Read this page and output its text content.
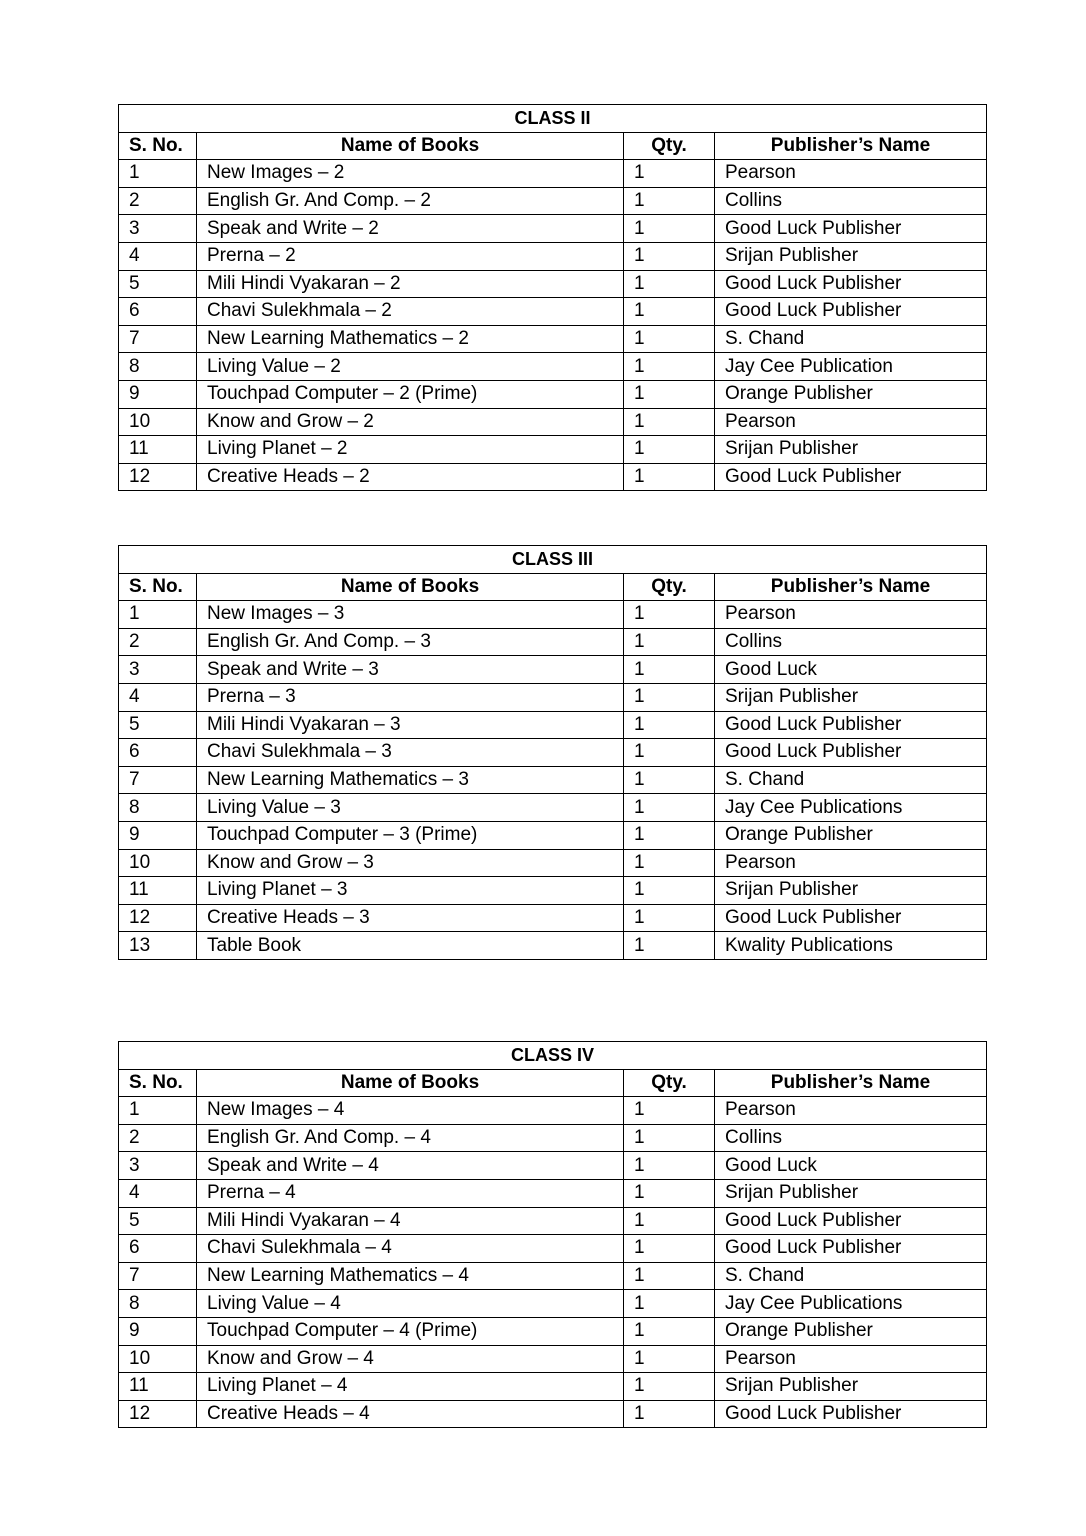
CLASS II			
S. No.	Name of Books	Qty.	Publisher’s Name
1	New Images – 2	1	Pearson
2	English Gr. And Comp. – 2	1	Collins
3	Speak and Write – 2	1	Good Luck Publisher
4	Prerna – 2	1	Srijan Publisher
5	Mili Hindi Vyakaran – 2	1	Good Luck Publisher
6	Chavi Sulekhmala – 2	1	Good Luck Publisher
7	New Learning Mathematics – 2	1	S. Chand
8	Living Value – 2	1	Jay Cee Publication
9	Touchpad Computer – 2 (Prime)	1	Orange Publisher
10	Know and Grow – 2	1	Pearson
11	Living Planet – 2	1	Srijan Publisher
12	Creative Heads – 2	1	Good Luck Publisher
CLASS III			
S. No.	Name of Books	Qty.	Publisher’s Name
1	New Images – 3	1	Pearson
2	English Gr. And Comp. – 3	1	Collins
3	Speak and Write – 3	1	Good Luck
4	Prerna – 3	1	Srijan Publisher
5	Mili Hindi Vyakaran – 3	1	Good Luck Publisher
6	Chavi Sulekhmala – 3	1	Good Luck Publisher
7	New Learning Mathematics – 3	1	S. Chand
8	Living Value – 3	1	Jay Cee Publications
9	Touchpad Computer – 3 (Prime)	1	Orange Publisher
10	Know and Grow – 3	1	Pearson
11	Living Planet – 3	1	Srijan Publisher
12	Creative Heads – 3	1	Good Luck Publisher
13	Table Book	1	Kwality Publications
CLASS IV			
S. No.	Name of Books	Qty.	Publisher’s Name
1	New Images – 4	1	Pearson
2	English Gr. And Comp. – 4	1	Collins
3	Speak and Write – 4	1	Good Luck
4	Prerna – 4	1	Srijan Publisher
5	Mili Hindi Vyakaran – 4	1	Good Luck Publisher
6	Chavi Sulekhmala – 4	1	Good Luck Publisher
7	New Learning Mathematics – 4	1	S. Chand
8	Living Value – 4	1	Jay Cee Publications
9	Touchpad Computer – 4 (Prime)	1	Orange Publisher
10	Know and Grow – 4	1	Pearson
11	Living Planet – 4	1	Srijan Publisher
12	Creative Heads – 4	1	Good Luck Publisher
